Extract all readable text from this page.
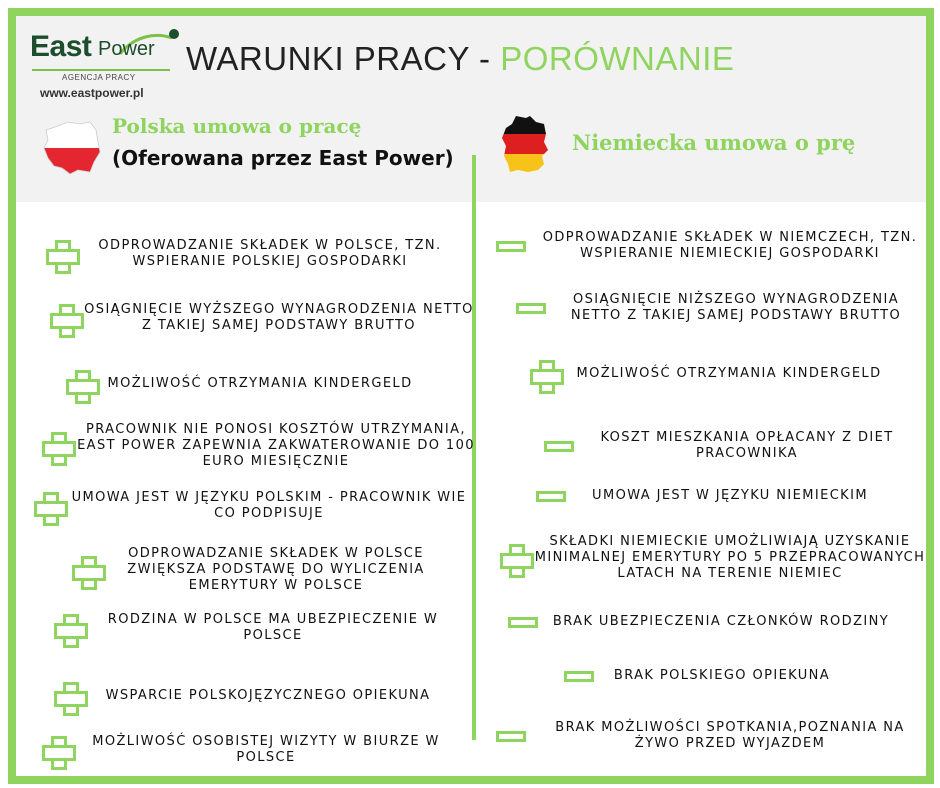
East Power
AGENCJA PRACY
www.eastpower.pl
WARUNKI PRACY - PORÓWNANIE
Polska umowa o pracę
(Oferowana przez East Power)
Niemiecka umowa o prę
ODPROWADZANIE SKŁADEK W POLSCE, TZN. WSPIERANIE POLSKIEJ GOSPODARKI
OSIĄGNIĘCIE WYŻSZEGO WYNAGRODZENIA NETTO Z TAKIEJ SAMEJ PODSTAWY BRUTTO
MOŻLIWOŚĆ OTRZYMANIA KINDERGELD
PRACOWNIK NIE PONOSI KOSZTÓW UTRZYMANIA, EAST POWER ZAPEWNIA ZAKWATEROWANIE DO 100 EURO MIESIĘCZNIE
UMOWA JEST W JĘZYKU POLSKIM - PRACOWNIK WIE CO PODPISUJE
ODPROWADZANIE SKŁADEK W POLSCE ZWIĘKSZA PODSTAWĘ DO WYLICZENIA EMERYTURY W POLSCE
RODZINA W POLSCE MA UBEZPIECZENIE W POLSCE
WSPARCIE POLSKOJĘZYCZNEGO OPIEKUNA
MOŻLIWOŚĆ OSOBISTEJ WIZYTY W BIURZE W POLSCE
ODPROWADZANIE SKŁADEK W NIEMCZECH, TZN. WSPIERANIE NIEMIECKIEJ GOSPODARKI
OSIĄGNIĘCIE NIŻSZEGO WYNAGRODZENIA NETTO Z TAKIEJ SAMEJ PODSTAWY BRUTTO
MOŻLIWOŚĆ OTRZYMANIA KINDERGELD
KOSZT MIESZKANIA OPŁACANY Z DIET PRACOWNIKA
UMOWA JEST W JĘZYKU NIEMIECKIM
SKŁADKI NIEMIECKIE UMOŻLIWIAJĄ UZYSKANIE MINIMALNEJ EMERYTURY PO 5 PRZEPRACOWANYCH LATACH NA TERENIE NIEMIEC
BRAK UBEZPIECZENIA CZŁONKÓW RODZINY
BRAK POLSKIEGO OPIEKUNA
BRAK MOŻLIWOŚCI SPOTKANIA,POZNANIA NA ŻYWO PRZED WYJAZDEM
